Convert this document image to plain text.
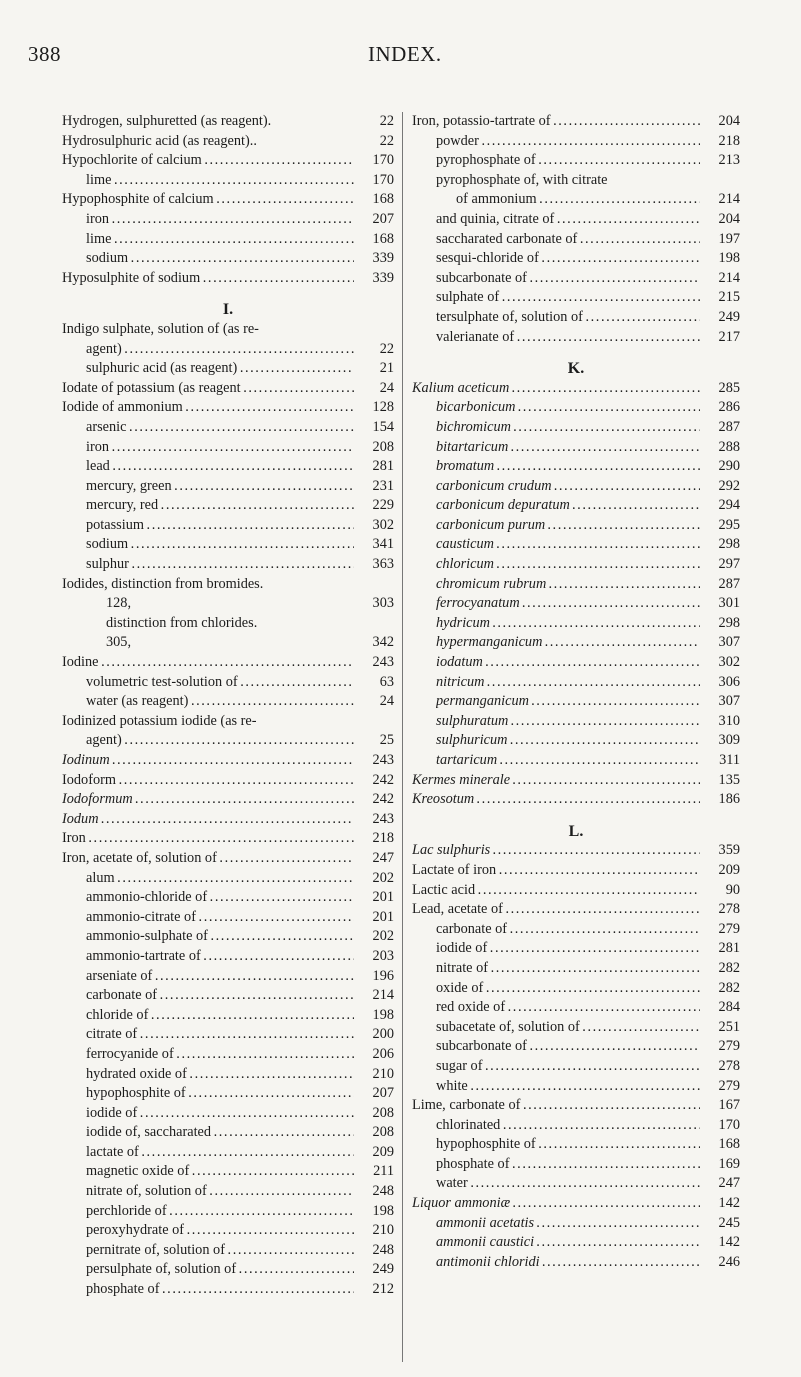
388	INDEX.
Hydrogen, sulphuretted (as reagent).	22
Hydrosulphuric acid (as reagent)..	22
Hypochlorite of calcium . . .	170
lime . . .	170
Hypophosphite of calcium . . .	168
iron . . .	207
lime . . .	168
sodium . . .	339
Hyposulphite of sodium . . .	339
I.
Indigo sulphate, solution of (as re-
agent) . . .	22
sulphuric acid (as reagent) . . .	21
Iodate of potassium (as reagent . . .	24
Iodide of ammonium . . .	128
arsenic . . .	154
iron . . .	208
lead . . .	281
mercury, green . . .	231
mercury, red . . .	229
potassium . . .	302
sodium . . .	341
sulphur . . .	363
Iodides, distinction from bromides.
128,	303
distinction from chlorides.
305,	342
Iodine . . .	243
volumetric test-solution of . . .	63
water (as reagent) . . .	24
Iodinized potassium iodide (as re-
agent) . . .	25
Iodinum . . .	243
Iodoform . . .	242
Iodoformum . . .	242
Iodum . . .	243
Iron . . .	218
Iron, acetate of, solution of . . .	247
alum . . .	202
ammonio-chloride of . . .	201
ammonio-citrate of . . .	201
ammonio-sulphate of . . .	202
ammonio-tartrate of . . .	203
arseniate of . . .	196
carbonate of . . .	214
chloride of . . .	198
citrate of . . .	200
ferrocyanide of . . .	206
hydrated oxide of . . .	210
hypophosphite of . . .	207
iodide of . . .	208
iodide of, saccharated . . .	208
lactate of . . .	209
magnetic oxide of . . .	211
nitrate of, solution of . . .	248
perchloride of . . .	198
peroxyhydrate of . . .	210
pernitrate of, solution of . . .	248
persulphate of, solution of . . .	249
phosphate of . . .	212
Iron, potassio-tartrate of . . .	204
powder . . .	218
pyrophosphate of . . .	213
pyrophosphate of, with citrate
of ammonium . . .	214
and quinia, citrate of . . .	204
saccharated carbonate of . . .	197
sesqui-chloride of . . .	198
subcarbonate of . . .	214
sulphate of . . .	215
tersulphate of, solution of . . .	249
valerianate of . . .	217
K.
Kalium aceticum . . .	285
bicarbonicum . . .	286
bichromicum . . .	287
bitartaricum . . .	288
bromatum . . .	290
carbonicum crudum . . .	292
carbonicum depuratum . . .	294
carbonicum purum . . .	295
causticum . . .	298
chloricum . . .	297
chromicum rubrum . . .	287
ferrocyanatum . . .	301
hydricum . . .	298
hypermanganicum . . .	307
iodatum . . .	302
nitricum . . .	306
permanganicum . . .	307
sulphuratum . . .	310
sulphuricum . . .	309
tartaricum . . .	311
Kermes minerale . . .	135
Kreosotum . . .	186
L.
Lac sulphuris . . .	359
Lactate of iron . . .	209
Lactic acid . . .	90
Lead, acetate of . . .	278
carbonate of . . .	279
iodide of . . .	281
nitrate of . . .	282
oxide of . . .	282
red oxide of . . .	284
subacetate of, solution of . . .	251
subcarbonate of . . .	279
sugar of . . .	278
white . . .	279
Lime, carbonate of . . .	167
chlorinated . . .	170
hypophosphite of . . .	168
phosphate of . . .	169
water . . .	247
Liquor ammoniæ . . .	142
ammonii acetatis . . .	245
ammonii caustici . . .	142
antimonii chloridi . . .	246
